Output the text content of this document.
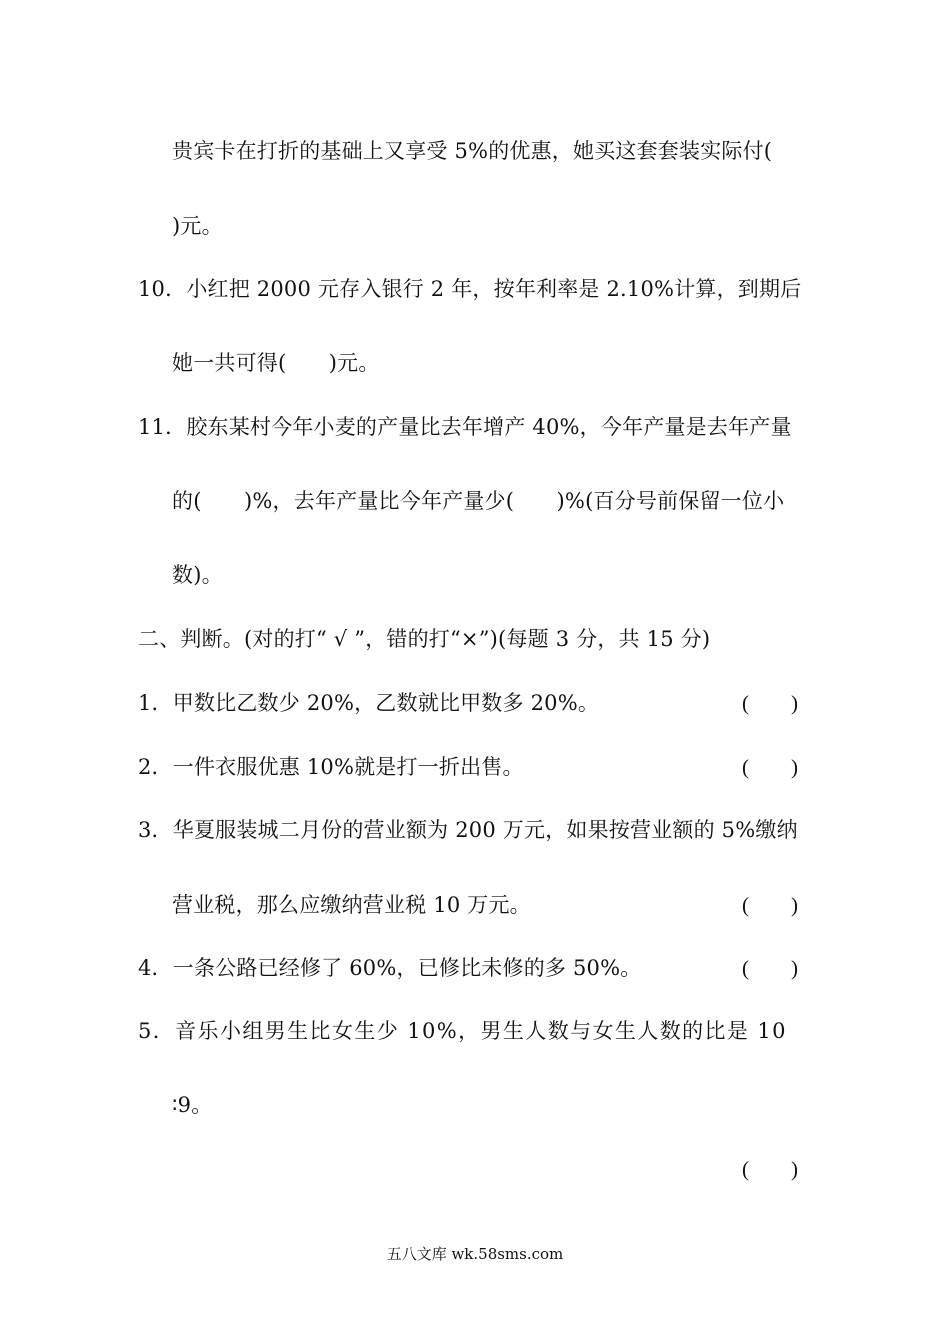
贵宾卡在打折的基础上又享受 5%的优惠，她买这套套装实际付(
)元。
10．小红把 2000 元存入银行 2 年，按年利率是 2.10%计算，到期后
她一共可得(　　)元。
11．胶东某村今年小麦的产量比去年增产 40%，今年产量是去年产量
的(　　)%，去年产量比今年产量少(　　)%(百分号前保留一位小
数)。
二、判断。(对的打“ √ ”，错的打“×”)(每题 3 分，共 15 分)
1．甲数比乙数少 20%，乙数就比甲数多 20%。	(　　)
2．一件衣服优惠 10%就是打一折出售。	(　　)
3．华夏服装城二月份的营业额为 200 万元，如果按营业额的 5%缴纳
营业税，那么应缴纳营业税 10 万元。	(　　)
4．一条公路已经修了 60%，已修比未修的多 50%。	(　　)
5．音乐小组男生比女生少 10%，男生人数与女生人数的比是 10
∶9。
(　　)
五八文库 wk.58sms.com
